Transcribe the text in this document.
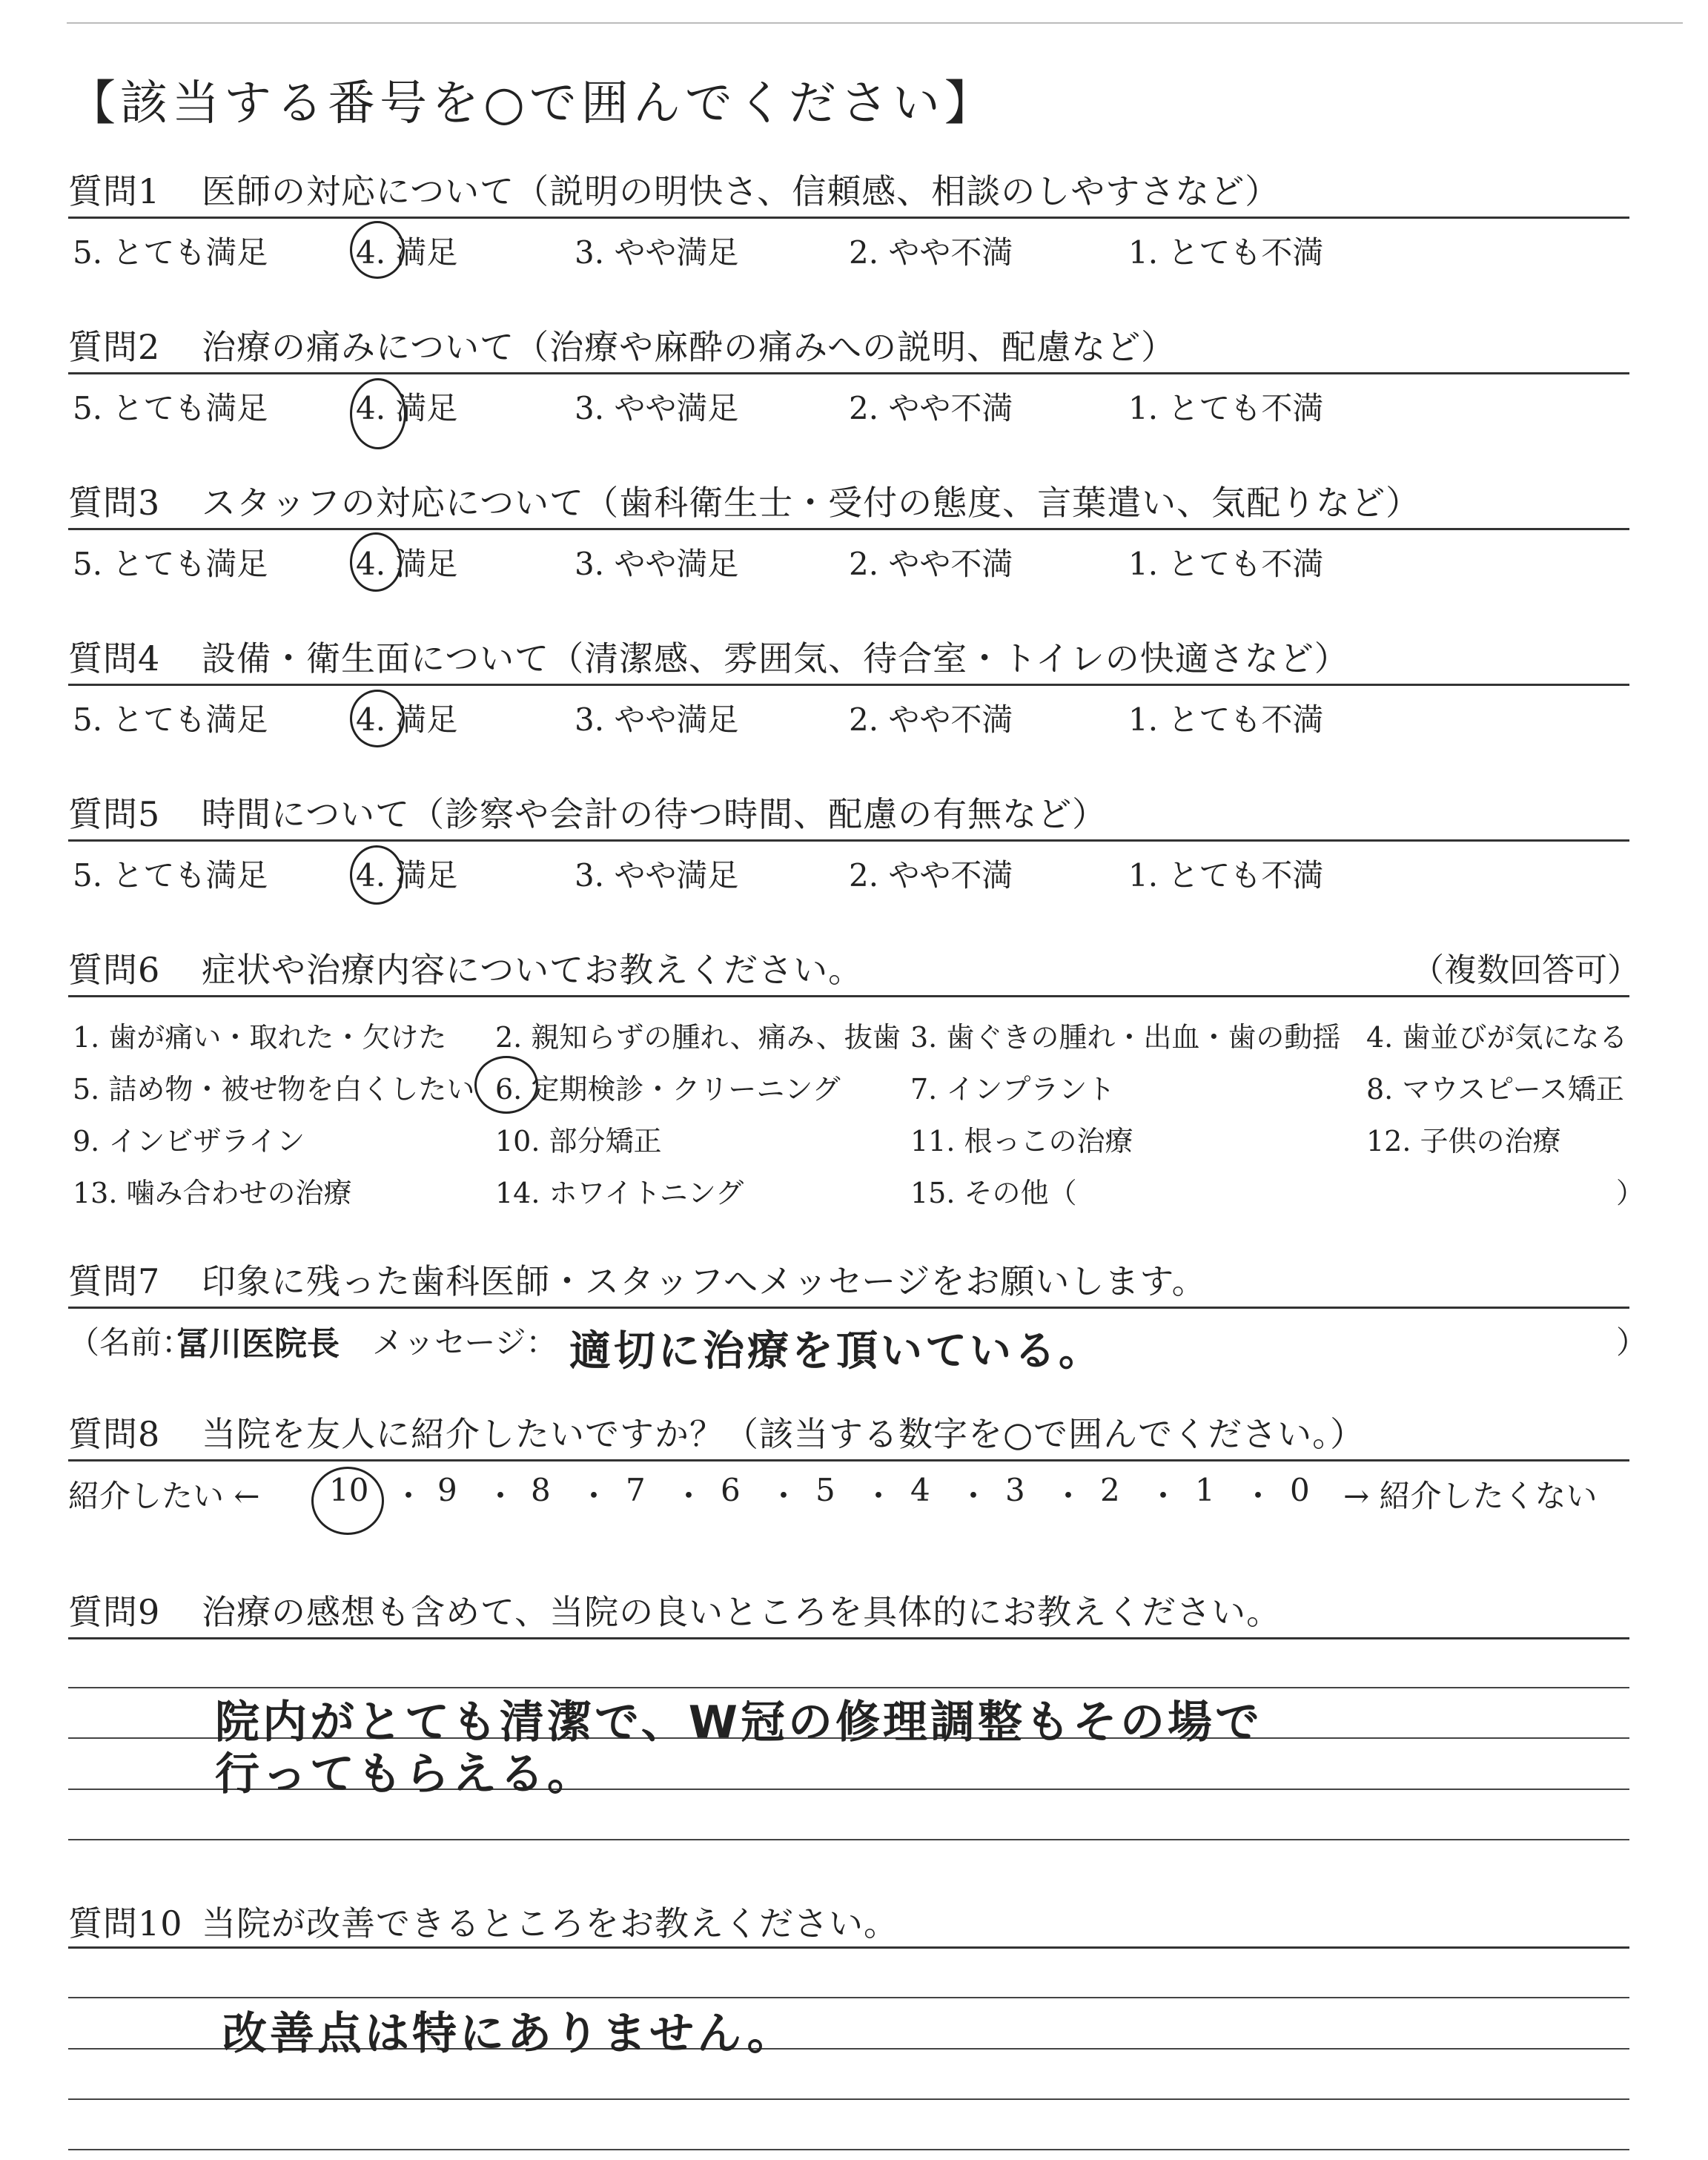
【該当する番号を○で囲んでください】
質問1 医師の対応について（説明の明快さ、信頼感、相談のしやすさなど）
5. とても満足	4. 満足	3. やや満足	2. やや不満	1. とても不満
質問2 治療の痛みについて（治療や麻酔の痛みへの説明、配慮など）
5. とても満足	4. 満足	3. やや満足	2. やや不満	1. とても不満
質問3 スタッフの対応について（歯科衛生士・受付の態度、言葉遣い、気配りなど）
5. とても満足	4. 満足	3. やや満足	2. やや不満	1. とても不満
質問4 設備・衛生面について（清潔感、雰囲気、待合室・トイレの快適さなど）
5. とても満足	4. 満足	3. やや満足	2. やや不満	1. とても不満
質問5 時間について（診察や会計の待つ時間、配慮の有無など）
5. とても満足	4. 満足	3. やや満足	2. やや不満	1. とても不満
質問6 症状や治療内容についてお教えください。	（複数回答可）
1. 歯が痛い・取れた・欠けた 2. 親知らずの腫れ、痛み、抜歯 3. 歯ぐきの腫れ・出血・歯の動揺 4. 歯並びが気になる
5. 詰め物・被せ物を白くしたい 6. 定期検診・クリーニング 7. インプラント	8. マウスピース矯正
9. インビザライン	10. 部分矯正	11. 根っこの治療	12. 子供の治療
13. 噛み合わせの治療	14. ホワイトニング	15. その他（	）
質問7 印象に残った歯科医師・スタッフへメッセージをお願いします。
（名前：
冨川医院長 メッセージ： 適切に治療を頂いている。	）
質問8 当院を友人に紹介したいですか？（該当する数字を○で囲んでください。）
紹介したい ← 10 ・ 9 ・ 8 ・ 7 ・ 6 ・ 5 ・ 4 ・ 3 ・ 2 ・ 1 ・ 0 → 紹介したくない
質問9 治療の感想も含めて、当院の良いところを具体的にお教えください。
院内がとても清潔で、W冠の修理調整もその場で
行ってもらえる。
質問10 当院が改善できるところをお教えください。
改善点は特にありません。
